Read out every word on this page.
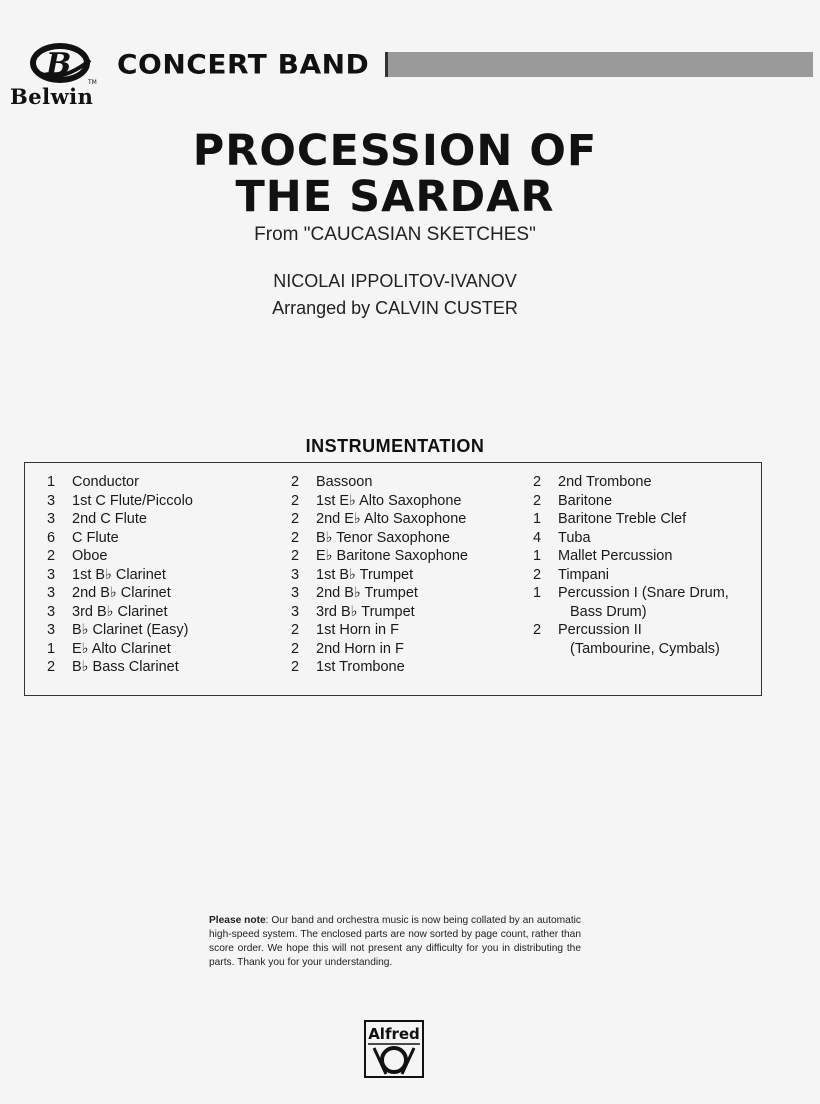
B
TM
Belwin
CONCERT BAND
PROCESSION OF
THE SARDAR
From "CAUCASIAN SKETCHES"
NICOLAI IPPOLITOV-IVANOV
Arranged by CALVIN CUSTER
INSTRUMENTATION
1	Conductor
3	1st C Flute/Piccolo
3	2nd C Flute
6	C Flute
2	Oboe
3	1st B♭ Clarinet
3	2nd B♭ Clarinet
3	3rd B♭ Clarinet
3	B♭ Clarinet (Easy)
1	E♭ Alto Clarinet
2	B♭ Bass Clarinet
2	Bassoon
2	1st E♭ Alto Saxophone
2	2nd E♭ Alto Saxophone
2	B♭ Tenor Saxophone
2	E♭ Baritone Saxophone
3	1st B♭ Trumpet
3	2nd B♭ Trumpet
3	3rd B♭ Trumpet
2	1st Horn in F
2	2nd Horn in F
2	1st Trombone
2	2nd Trombone
2	Baritone
1	Baritone Treble Clef
4	Tuba
1	Mallet Percussion
2	Timpani
1	Percussion I (Snare Drum,
Bass Drum)
2	Percussion II
(Tambourine, Cymbals)
Please note: Our band and orchestra music is now being collated by an automatic high-speed system. The enclosed parts are now sorted by page count, rather than score order. We hope this will not present any difficulty for you in distributing the parts. Thank you for your understanding.
Alfred
